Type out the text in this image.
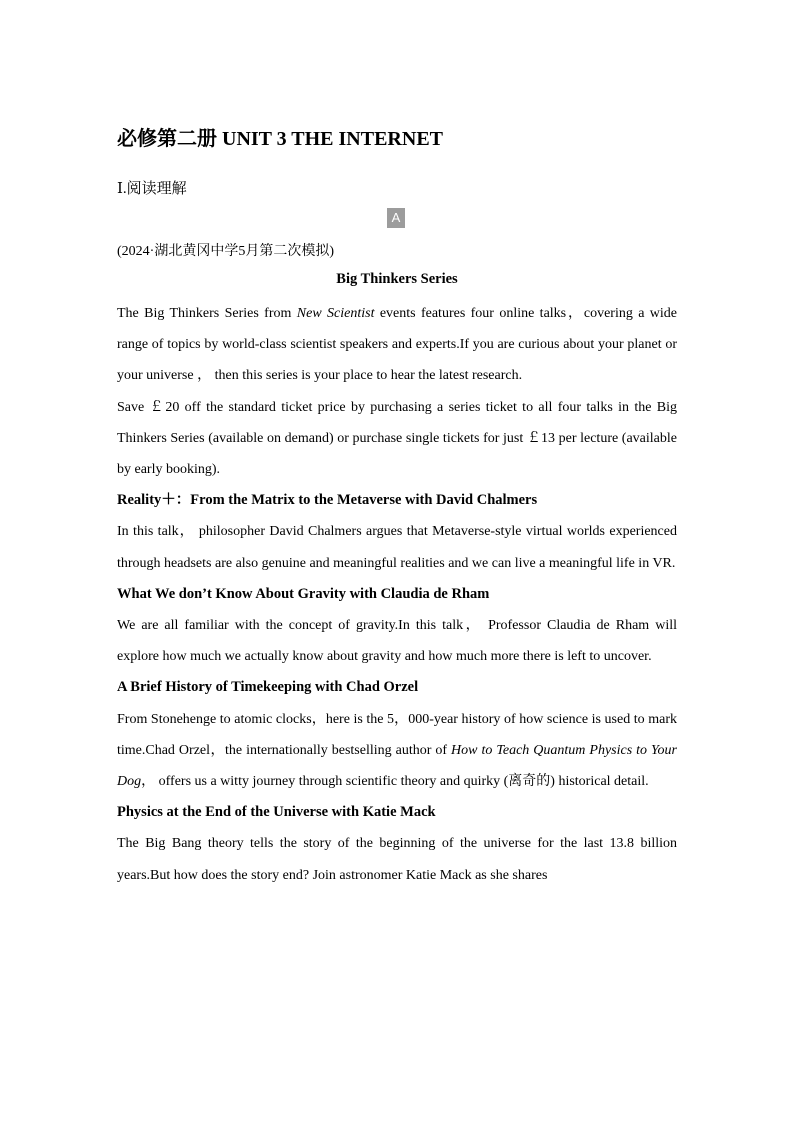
必修第二册 UNIT 3 THE INTERNET
Ⅰ.阅读理解
A
(2024·湖北黄冈中学5月第二次模拟)
Big Thinkers Series

The Big Thinkers Series from New Scientist events features four online talks，covering a wide range of topics by world-class scientist speakers and experts.If you are curious about your planet or your universe ， then this series is your place to hear the latest research.

Save ￡20 off the standard ticket price by purchasing a series ticket to all four talks in the Big Thinkers Series (available on demand) or purchase single tickets for just ￡13 per lecture (available by early booking).

Reality＋：From the Matrix to the Metaverse with David Chalmers

In this talk， philosopher David Chalmers argues that Metaverse-style virtual worlds experienced through headsets are also genuine and meaningful realities and we can live a meaningful life in VR.

What We don’t Know About Gravity with Claudia de Rham

We are all familiar with the concept of gravity.In this talk， Professor Claudia de Rham will explore how much we actually know about gravity and how much more there is left to uncover.

A Brief History of Timekeeping with Chad Orzel

From Stonehenge to atomic clocks，here is the 5，000-year history of how science is used to mark time.Chad Orzel，the internationally bestselling author of How to Teach Quantum Physics to Your Dog， offers us a witty journey through scientific theory and quirky (离奇的) historical detail.

Physics at the End of the Universe with Katie Mack

The Big Bang theory tells the story of the beginning of the universe for the last 13.8 billion years.But how does the story end? Join astronomer Katie Mack as she shares
